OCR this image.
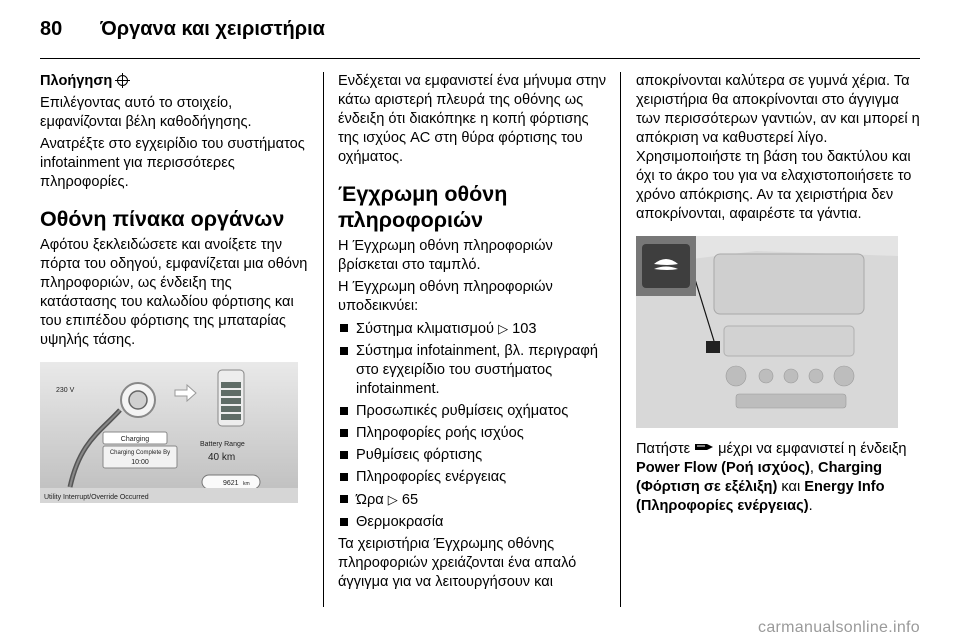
80 Όργανα και χειριστήρια

Πλοήγηση

Επιλέγοντας αυτό το στοιχείο, εμφανίζονται βέλη καθοδήγησης.

Ανατρέξτε στο εγχειρίδιο του συστήματος infotainment για περισσότερες πληροφορίες.

Οθόνη πίνακα οργάνων

Αφότου ξεκλειδώσετε και ανοίξετε την πόρτα του οδηγού, εμφανίζεται μια οθόνη πληροφοριών, ως ένδειξη της κατάστασης του καλωδίου φόρτισης και του επιπέδου φόρτισης της μπαταρίας υψηλής τάσης.

230 V
Charging
Charging Complete By
10:00
Battery Range
40 km
9621 km
Utility Interrupt/Override Occurred

Ενδέχεται να εμφανιστεί ένα μήνυμα στην κάτω αριστερή πλευρά της οθόνης ως ένδειξη ότι διακόπηκε η κοπή φόρτισης της ισχύος AC στη θύρα φόρτισης του οχήματος.

Έγχρωμη οθόνη πληροφοριών

Η Έγχρωμη οθόνη πληροφοριών βρίσκεται στο ταμπλό.

Η Έγχρωμη οθόνη πληροφοριών υποδεικνύει:

Σύστημα κλιματισμού ▷ 103
Σύστημα infotainment, βλ. περιγραφή στο εγχειρίδιο του συστήματος infotainment.
Προσωπικές ρυθμίσεις οχήματος
Πληροφορίες ροής ισχύος
Ρυθμίσεις φόρτισης
Πληροφορίες ενέργειας
Ώρα ▷ 65
Θερμοκρασία

Τα χειριστήρια Έγχρωμης οθόνης πληροφοριών χρειάζονται ένα απαλό άγγιγμα για να λειτουργήσουν και

αποκρίνονται καλύτερα σε γυμνά χέρια. Τα χειριστήρια θα αποκρίνονται στο άγγιγμα των περισσότερων γαντιών, αν και μπορεί η απόκριση να καθυστερεί λίγο. Χρησιμοποιήστε τη βάση του δακτύλου και όχι το άκρο του για να ελαχιστοποιήσετε το χρόνο απόκρισης. Αν τα χειριστήρια δεν αποκρίνονται, αφαιρέστε τα γάντια.

Πατήστε μέχρι να εμφανιστεί η ένδειξη Power Flow (Ροή ισχύος), Charging (Φόρτιση σε εξέλιξη) και Energy Info (Πληροφορίες ενέργειας).

carmanualsonline.info
